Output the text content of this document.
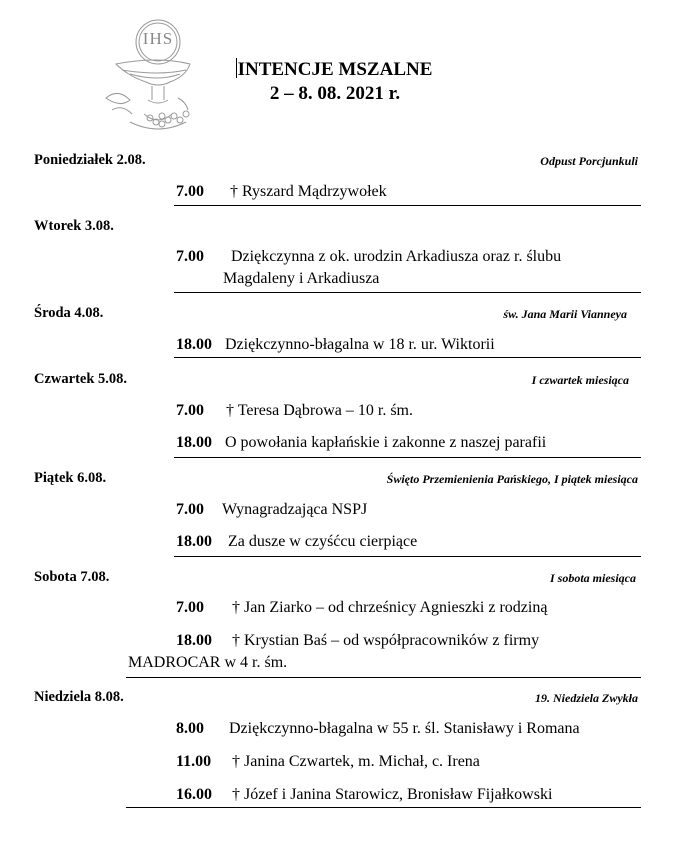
IHS
INTENCJE MSZALNE
2 – 8. 08. 2021 r.
Poniedziałek 2.08.	Odpust Porcjunkuli
7.00 † Ryszard Mądrzywołek
Wtorek 3.08.
7.00 Dziękczynna z ok. urodzin Arkadiusza oraz r. ślubu
Magdaleny i Arkadiusza
Środa 4.08.	św. Jana Marii Vianneya
18.00 Dziękczynno-błagalna w 18 r. ur. Wiktorii
Czwartek 5.08.	I czwartek miesiąca
7.00 † Teresa Dąbrowa – 10 r. śm.
18.00 O powołania kapłańskie i zakonne z naszej parafii
Piątek 6.08.	Święto Przemienienia Pańskiego, I piątek miesiąca
7.00 Wynagradzająca NSPJ
18.00 Za dusze w czyśćcu cierpiące
Sobota 7.08.	I sobota miesiąca
7.00 † Jan Ziarko – od chrześnicy Agnieszki z rodziną
18.00 † Krystian Baś – od współpracowników z firmy
MADROCAR w 4 r. śm.
Niedziela 8.08.	19. Niedziela Zwykła
8.00 Dziękczynno-błagalna w 55 r. śl. Stanisławy i Romana
11.00 † Janina Czwartek, m. Michał, c. Irena
16.00 † Józef i Janina Starowicz, Bronisław Fijałkowski
